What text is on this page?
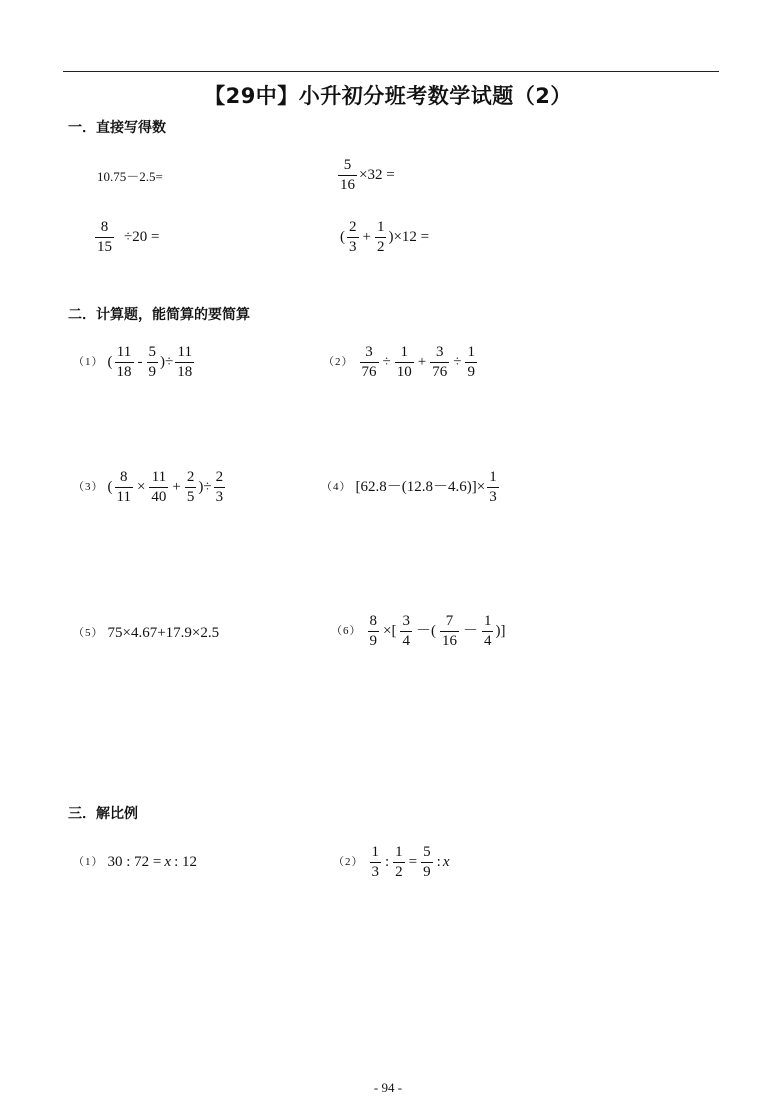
【29中】小升初分班考数学试题（2）
一．直接写得数
10.75 － 2.5 =	$\frac{5}{16} \times 32$ =
$\frac{8}{15} \div 20$ =	( $\frac{2}{3} + \frac{1}{2} )\times 12$ =
二．计算题，能简算的要简算
（1） ( $\frac{11}{18} - \frac{5}{9}$ )÷ $\frac{11}{18}$	$(2) \frac{3}{76} \div \frac{1}{10} + \frac{3}{76} \div \frac{1}{9}$
（3） ( $\frac{8}{11} \times \frac{11}{40} + \frac{2}{5}$ )÷ $\frac{2}{3}$	（4） $[62.8-(12.8-4.6)]\times \frac{1}{3}$
（5） 75×4.67+17.9×2.5	$(6) \frac{8}{9}$ ×[ $\frac{3}{4}$ －( $\frac{7}{16} - \frac{1}{4}$ )]
三．解比例
（1） 30 : 72 = x : 12	$(2) \frac{1}{3}$ : $\frac{1}{2} = \frac{5}{9}$ : x
- 94 -
